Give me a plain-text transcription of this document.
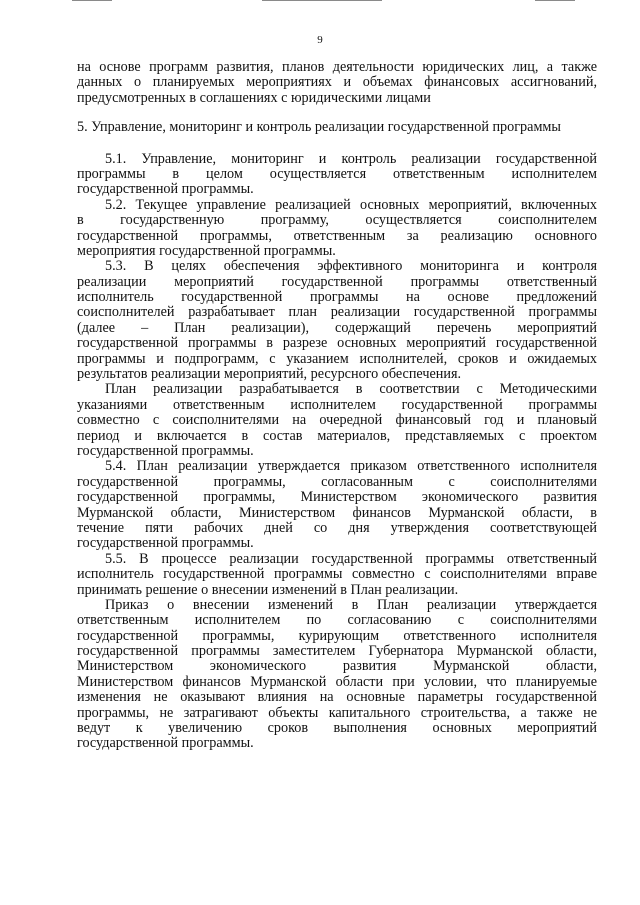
9
на основе программ развития, планов деятельности юридических лиц, а также
данных о планируемых мероприятиях и объемах финансовых ассигнований,
предусмотренных в соглашениях с юридическими лицами
5. Управление, мониторинг и контроль реализации государственной программы
5.1. Управление, мониторинг и контроль реализации государственной
программы в целом осуществляется ответственным исполнителем
государственной программы.
5.2. Текущее управление реализацией основных мероприятий, включенных
в государственную программу, осуществляется соисполнителем
государственной программы, ответственным за реализацию основного
мероприятия государственной программы.
5.3. В целях обеспечения эффективного мониторинга и контроля
реализации мероприятий государственной программы ответственный
исполнитель государственной программы на основе предложений
соисполнителей разрабатывает план реализации государственной программы
(далее – План реализации), содержащий перечень мероприятий
государственной программы в разрезе основных мероприятий государственной
программы и подпрограмм, с указанием исполнителей, сроков и ожидаемых
результатов реализации мероприятий, ресурсного обеспечения.
План реализации разрабатывается в соответствии с Методическими
указаниями ответственным исполнителем государственной программы
совместно с соисполнителями на очередной финансовый год и плановый
период и включается в состав материалов, представляемых с проектом
государственной программы.
5.4. План реализации утверждается приказом ответственного исполнителя
государственной программы, согласованным с соисполнителями
государственной программы, Министерством экономического развития
Мурманской области, Министерством финансов Мурманской области, в
течение пяти рабочих дней со дня утверждения соответствующей
государственной программы.
5.5. В процессе реализации государственной программы ответственный
исполнитель государственной программы совместно с соисполнителями вправе
принимать решение о внесении изменений в План реализации.
Приказ о внесении изменений в План реализации утверждается
ответственным исполнителем по согласованию с соисполнителями
государственной программы, курирующим ответственного исполнителя
государственной программы заместителем Губернатора Мурманской области,
Министерством экономического развития Мурманской области,
Министерством финансов Мурманской области при условии, что планируемые
изменения не оказывают влияния на основные параметры государственной
программы, не затрагивают объекты капитального строительства, а также не
ведут к увеличению сроков выполнения основных мероприятий
государственной программы.
